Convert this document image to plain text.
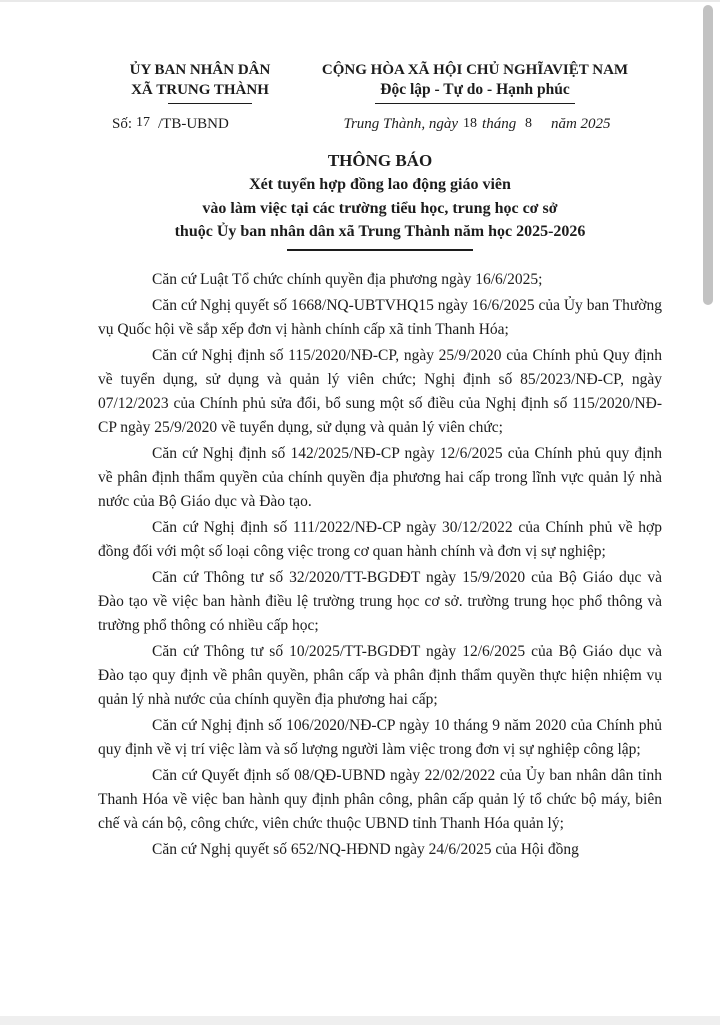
ỦY BAN NHÂN DÂN
XÃ TRUNG THÀNH
CỘNG HÒA XÃ HỘI CHỦ NGHĨAVIỆT NAM
Độc lập - Tự do - Hạnh phúc
Số: 17 /TB-UBND	Trung Thành, ngày 18 tháng 8 năm 2025
THÔNG BÁO
Xét tuyển hợp đồng lao động giáo viên
vào làm việc tại các trường tiểu học, trung học cơ sở
thuộc Ủy ban nhân dân xã Trung Thành năm học 2025-2026

Căn cứ Luật Tổ chức chính quyền địa phương ngày 16/6/2025;

Căn cứ Nghị quyết số 1668/NQ-UBTVHQ15 ngày 16/6/2025 của Ủy ban Thường vụ Quốc hội về sắp xếp đơn vị hành chính cấp xã tỉnh Thanh Hóa;

Căn cứ Nghị định số 115/2020/NĐ-CP, ngày 25/9/2020 của Chính phủ Quy định về tuyển dụng, sử dụng và quản lý viên chức; Nghị định số 85/2023/NĐ-CP, ngày 07/12/2023 của Chính phủ sửa đổi, bổ sung một số điều của Nghị định số 115/2020/NĐ-CP ngày 25/9/2020 về tuyển dụng, sử dụng và quản lý viên chức;

Căn cứ Nghị định số 142/2025/NĐ-CP ngày 12/6/2025 của Chính phủ quy định về phân định thẩm quyền của chính quyền địa phương hai cấp trong lĩnh vực quản lý nhà nước của Bộ Giáo dục và Đào tạo.

Căn cứ Nghị định số 111/2022/NĐ-CP ngày 30/12/2022 của Chính phủ về hợp đồng đối với một số loại công việc trong cơ quan hành chính và đơn vị sự nghiệp;

Căn cứ Thông tư số 32/2020/TT-BGDĐT ngày 15/9/2020 của Bộ Giáo dục và Đào tạo về việc ban hành điều lệ trường trung học cơ sở. trường trung học phổ thông và trường phổ thông có nhiều cấp học;

Căn cứ Thông tư số 10/2025/TT-BGDĐT ngày 12/6/2025 của Bộ Giáo dục và Đào tạo quy định về phân quyền, phân cấp và phân định thẩm quyền thực hiện nhiệm vụ quản lý nhà nước của chính quyền địa phương hai cấp;

Căn cứ Nghị định số 106/2020/NĐ-CP ngày 10 tháng 9 năm 2020 của Chính phủ quy định về vị trí việc làm và số lượng người làm việc trong đơn vị sự nghiệp công lập;

Căn cứ Quyết định số 08/QĐ-UBND ngày 22/02/2022 của Ủy ban nhân dân tỉnh Thanh Hóa về việc ban hành quy định phân công, phân cấp quản lý tổ chức bộ máy, biên chế và cán bộ, công chức, viên chức thuộc UBND tỉnh Thanh Hóa quản lý;

Căn cứ Nghị quyết số 652/NQ-HĐND ngày 24/6/2025 của Hội đồng
